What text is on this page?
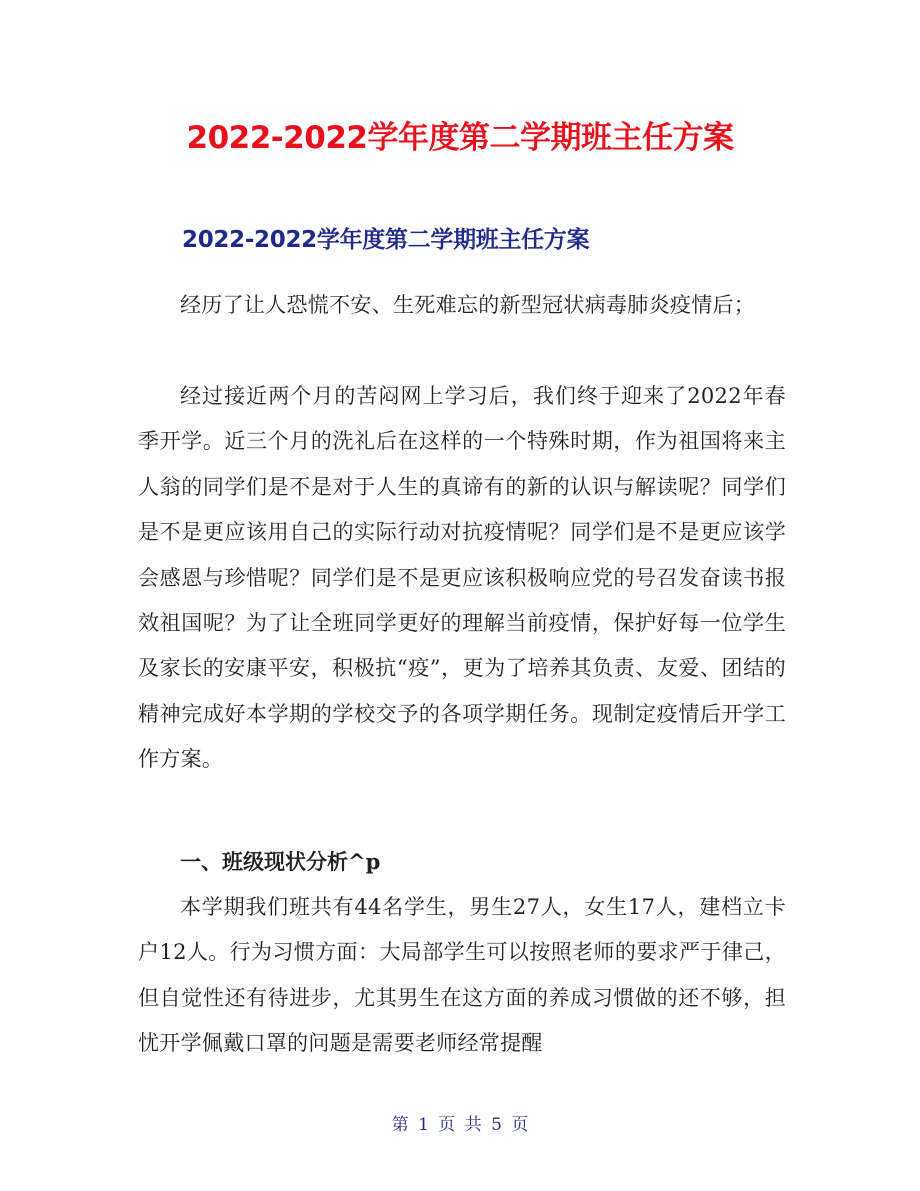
2022-2022学年度第二学期班主任方案
2022-2022学年度第二学期班主任方案

经历了让人恐慌不安、生死难忘的新型冠状病毒肺炎疫情后；

经过接近两个月的苦闷网上学习后，我们终于迎来了2022年春季开学。近三个月的洗礼后在这样的一个特殊时期，作为祖国将来主人翁的同学们是不是对于人生的真谛有的新的认识与解读呢？同学们是不是更应该用自己的实际行动对抗疫情呢？同学们是不是更应该学会感恩与珍惜呢？同学们是不是更应该积极响应党的号召发奋读书报效祖国呢？为了让全班同学更好的理解当前疫情，保护好每一位学生及家长的安康平安，积极抗“疫”，更为了培养其负责、友爱、团结的精神完成好本学期的学校交予的各项学期任务。现制定疫情后开学工作方案。

一、班级现状分析^p

本学期我们班共有44名学生，男生27人，女生17人，建档立卡户12人。行为习惯方面：大局部学生可以按照老师的要求严于律己，但自觉性还有待进步，尤其男生在这方面的养成习惯做的还不够，担忧开学佩戴口罩的问题是需要老师经常提醒

第 1 页 共 5 页
